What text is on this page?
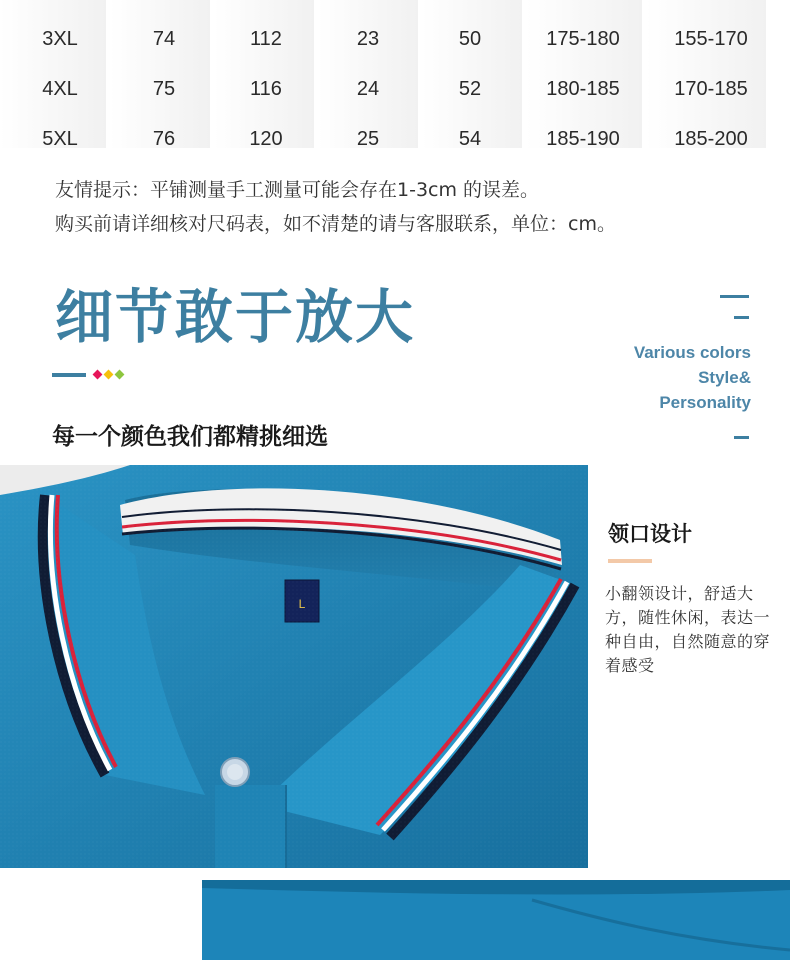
3XL	74	112	23	50	175-180	155-170
4XL	75	116	24	52	180-185	170-185
5XL	76	120	25	54	185-190	185-200
友情提示：平铺测量手工测量可能会存在1-3cm 的误差。
购买前请详细核对尺码表，如不清楚的请与客服联系，单位：cm。
细节敢于放大
每一个颜色我们都精挑细选
Various colors
Style&
Personality
领口设计
小翻领设计，舒适大方，随性休闲，表达一种自由，自然随意的穿着感受
